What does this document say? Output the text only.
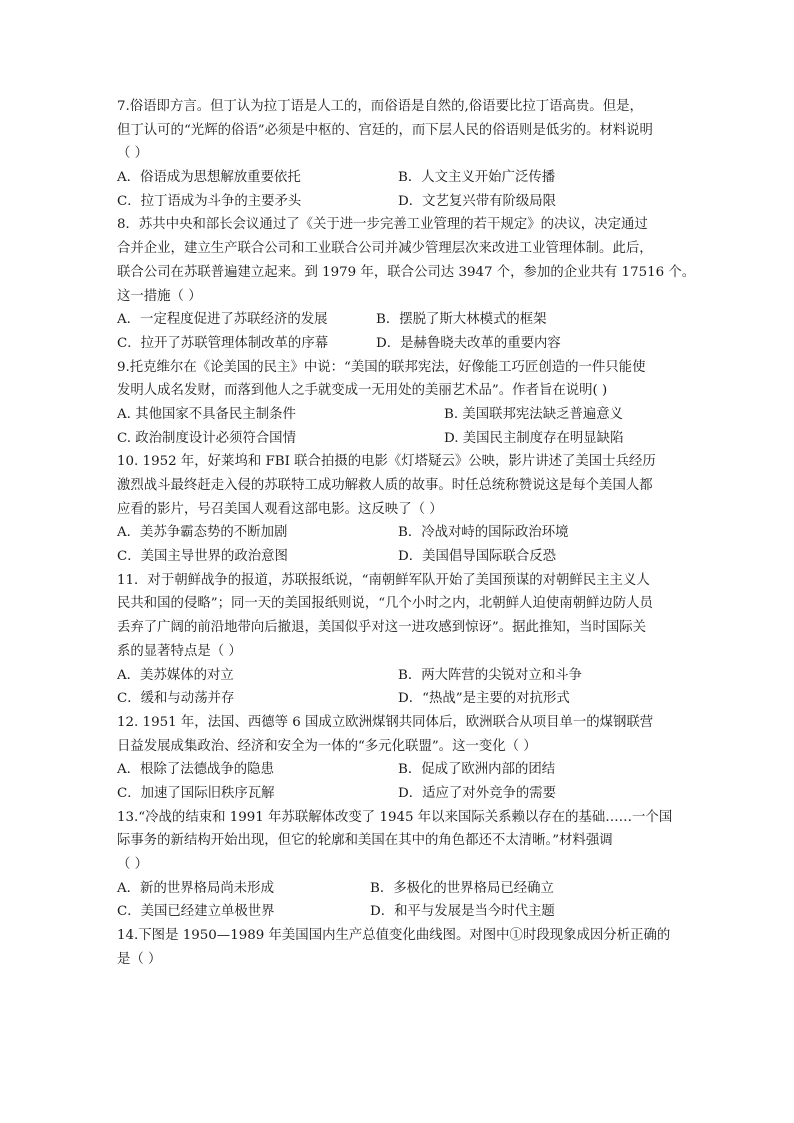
7.俗语即方言。但丁认为拉丁语是人工的，而俗语是自然的,俗语要比拉丁语高贵。但是，
但丁认可的“光辉的俗语”必须是中枢的、宫廷的，而下层人民的俗语则是低劣的。材料说明
（ ）
A．俗语成为思想解放重要依托	B．人文主义开始广泛传播
C．拉丁语成为斗争的主要矛头	D．文艺复兴带有阶级局限
8．苏共中央和部长会议通过了《关于进一步完善工业管理的若干规定》的决议，决定通过
合并企业，建立生产联合公司和工业联合公司并减少管理层次来改进工业管理体制。此后，
联合公司在苏联普遍建立起来。到 1979 年，联合公司达 3947 个，参加的企业共有 17516 个。
这一措施（ ）
A．一定程度促进了苏联经济的发展	B．摆脱了斯大林模式的框架
C．拉开了苏联管理体制改革的序幕	D．是赫鲁晓夫改革的重要内容
9.托克维尔在《论美国的民主》中说：“美国的联邦宪法，好像能工巧匠创造的一件只能使
发明人成名发财，而落到他人之手就变成一无用处的美丽艺术品”。作者旨在说明( )
A. 其他国家不具备民主制条件	B. 美国联邦宪法缺乏普遍意义
C. 政治制度设计必须符合国情	D. 美国民主制度存在明显缺陷
10. 1952 年，好莱坞和 FBI 联合拍摄的电影《灯塔疑云》公映，影片讲述了美国士兵经历
激烈战斗最终赶走入侵的苏联特工成功解救人质的故事。时任总统称赞说这是每个美国人都
应看的影片，号召美国人观看这部电影。这反映了（ ）
A．美苏争霸态势的不断加剧	B．冷战对峙的国际政治环境
C．美国主导世界的政治意图	D．美国倡导国际联合反恐
11．对于朝鲜战争的报道，苏联报纸说，“南朝鲜军队开始了美国预谋的对朝鲜民主主义人
民共和国的侵略”；同一天的美国报纸则说，“几个小时之内，北朝鲜人迫使南朝鲜边防人员
丢弃了广阔的前沿地带向后撤退，美国似乎对这一进攻感到惊讶”。据此推知，当时国际关
系的显著特点是（ ）
A．美苏媒体的对立	B．两大阵营的尖锐对立和斗争
C．缓和与动荡并存	D．“热战”是主要的对抗形式
12. 1951 年，法国、西德等 6 国成立欧洲煤钢共同体后，欧洲联合从项目单一的煤钢联营
日益发展成集政治、经济和安全为一体的“多元化联盟”。这一变化（ ）
A．根除了法德战争的隐患	B．促成了欧洲内部的团结
C．加速了国际旧秩序瓦解	D．适应了对外竞争的需要
13.“冷战的结束和 1991 年苏联解体改变了 1945 年以来国际关系赖以存在的基础……一个国
际事务的新结构开始出现，但它的轮廓和美国在其中的角色都还不太清晰。”材料强调
（ ）
A．新的世界格局尚未形成	B．多极化的世界格局已经确立
C．美国已经建立单极世界	D．和平与发展是当今时代主题
14.下图是 1950—1989 年美国国内生产总值变化曲线图。对图中①时段现象成因分析正确的
是（ ）
